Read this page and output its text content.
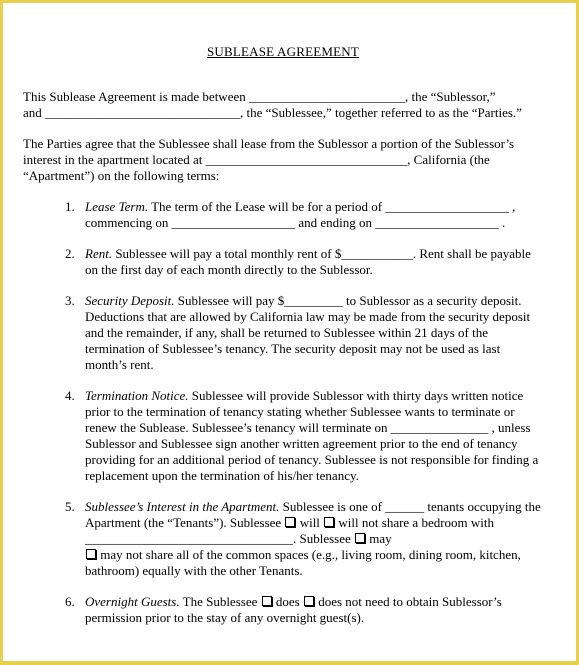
SUBLEASE AGREEMENT

This Sublease Agreement is made between ________________________, the “Sublessor,”
and ______________________________, the “Sublessee,” together referred to as the “Parties.”

The Parties agree that the Sublessee shall lease from the Sublessor a portion of the Sublessor’s interest in the apartment located at _______________________________, California (the “Apartment”) on the following terms:

1. Lease Term. The term of the Lease will be for a period of ___________________ , commencing on ___________________ and ending on ___________________ .
2. Rent. Sublessee will pay a total monthly rent of $___________. Rent shall be payable on the first day of each month directly to the Sublessor.
3. Security Deposit. Sublessee will pay $_________ to Sublessor as a security deposit. Deductions that are allowed by California law may be made from the security deposit and the remainder, if any, shall be returned to Sublessee within 21 days of the termination of Sublessee’s tenancy. The security deposit may not be used as last month’s rent.
4. Termination Notice. Sublessee will provide Sublessor with thirty days written notice prior to the termination of tenancy stating whether Sublessee wants to terminate or renew the Sublease. Sublessee’s tenancy will terminate on _______________ , unless Sublessor and Sublessee sign another written agreement prior to the end of tenancy providing for an additional period of tenancy. Sublessee is not responsible for finding a replacement upon the termination of his/her tenancy.
5. Sublessee’s Interest in the Apartment. Sublessee is one of ______ tenants occupying the Apartment (the “Tenants”). Sublessee  will  will not share a bedroom with ________________________________. Sublessee  may
may not share all of the common spaces (e.g., living room, dining room, kitchen, bathroom) equally with the other Tenants.
6. Overnight Guests. The Sublessee  does  does not need to obtain Sublessor’s permission prior to the stay of any overnight guest(s).
